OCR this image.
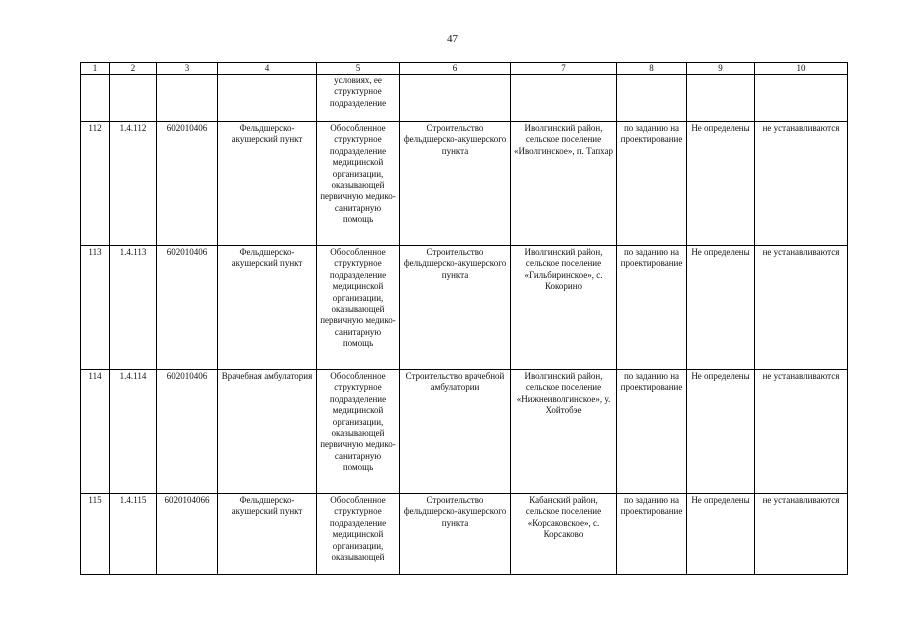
47
1	2	3	4	5	6	7	8	9	10
				условиях, ее структурное подразделение					
112	1.4.112	602010406	Фельдшерско-акушерский пункт	Обособленное структурное подразделение медицинской организации, оказывающей первичную медико-санитарную помощь	Строительство фельдшерско-акушерского пункта	Иволгинский район, сельское поселение «Иволгинское», п. Тапхар	по заданию на проектирование	Не определены	не устанавливаются
113	1.4.113	602010406	Фельдшерско-акушерский пункт	Обособленное структурное подразделение медицинской организации, оказывающей первичную медико-санитарную помощь	Строительство фельдшерско-акушерского пункта	Иволгинский район, сельское поселение «Гильбиринское», с. Кокорино	по заданию на проектирование	Не определены	не устанавливаются
114	1.4.114	602010406	Врачебная амбулатория	Обособленное структурное подразделение медицинской организации, оказывающей первичную медико-санитарную помощь	Строительство врачебной амбулатории	Иволгинский район, сельское поселение «Нижнеиволгинское», у. Хойтобэе	по заданию на проектирование	Не определены	не устанавливаются
115	1.4.115	6020104066	Фельдшерско-акушерский пункт	Обособленное структурное подразделение медицинской организации, оказывающей	Строительство фельдшерско-акушерского пункта	Кабанский район, сельское поселение «Корсаковское», с. Корсаково	по заданию на проектирование	Не определены	не устанавливаются
